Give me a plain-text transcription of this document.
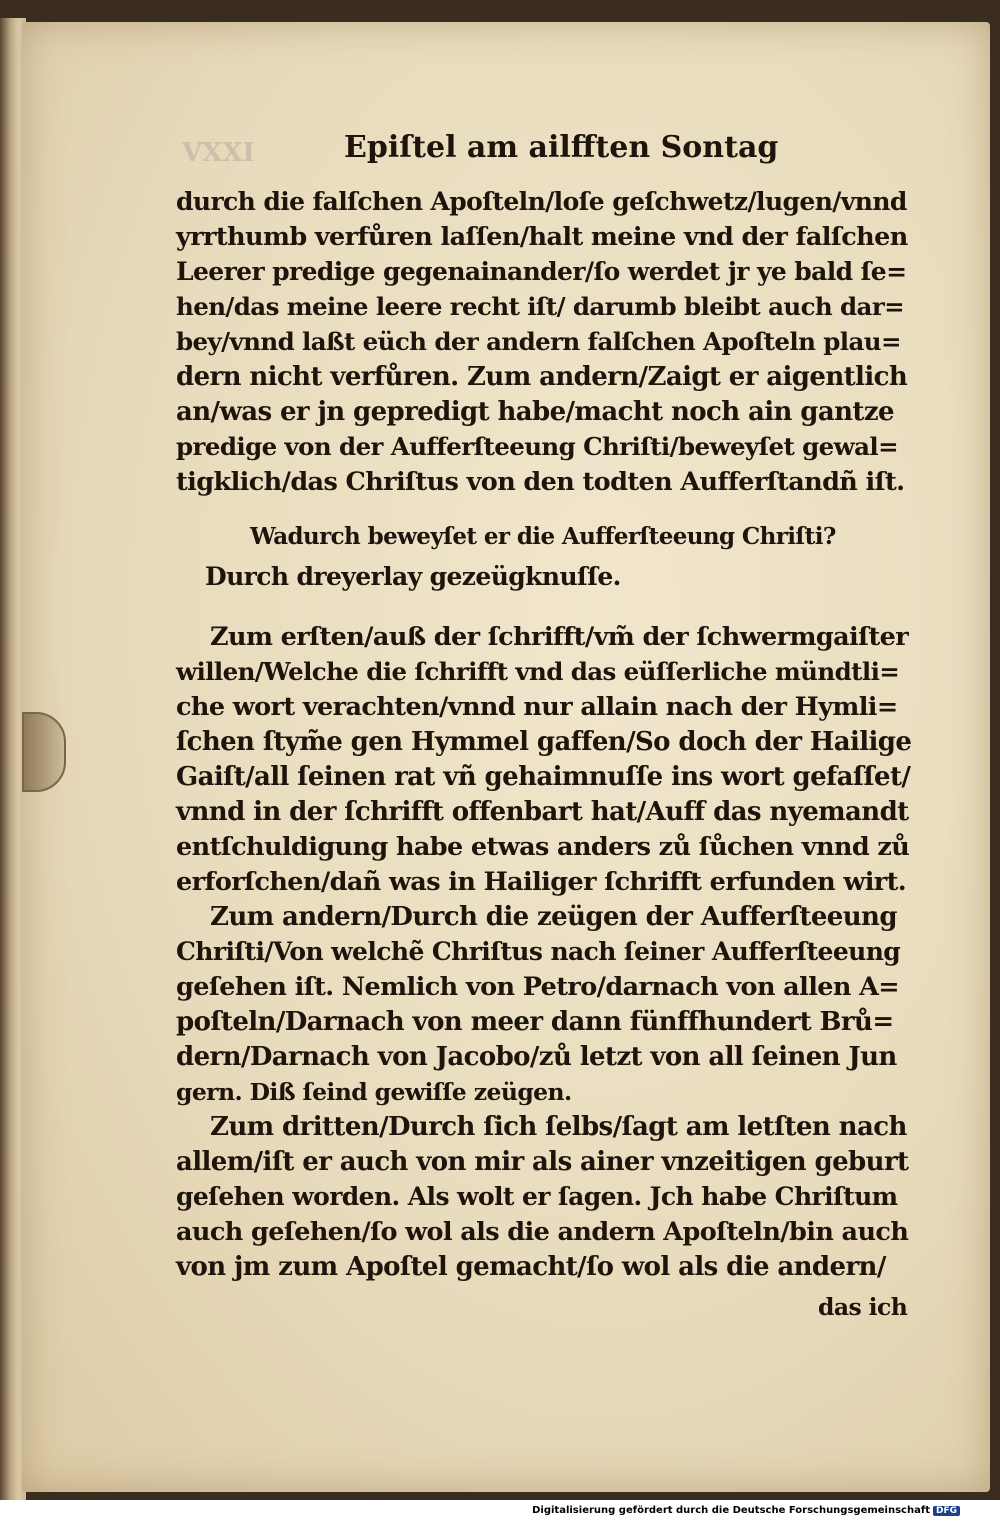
VXXI	Epiſtel am ailfften Sontag
durch die falſchen Apoſteln/loſe geſchwetz/lugen/vnnd
yrrthumb verfůren laſſen/halt meine vnd der falſchen
Leerer predige gegenainander/ſo werdet jr ye bald ſe=
hen/das meine leere recht iſt/ darumb bleibt auch dar=
bey/vnnd laßt eüch der andern falſchen Apoſteln plau=
dern nicht verfůren. Zum andern/Zaigt er aigentlich
an/was er jn gepredigt habe/macht noch ain gantze
predige von der Aufferſteeung Chriſti/beweyſet gewal=
tigklich/das Chriſtus von den todten Aufferſtandñ iſt.
Wadurch beweyſet er die Aufferſteeung Chriſti?
Durch dreyerlay gezeügknuſſe.
Zum erſten/auß der ſchrifft/vm̃ der ſchwermgaiſter
willen/Welche die ſchrifft vnd das eüſſerliche mündtli=
che wort verachten/vnnd nur allain nach der Hymli=
ſchen ſtym̃e gen Hymmel gaffen/So doch der Hailige
Gaiſt/all ſeinen rat vñ gehaimnuſſe ins wort gefaſſet/
vnnd in der ſchrifft offenbart hat/Auff das nyemandt
entſchuldigung habe etwas anders zů ſůchen vnnd zů
erforſchen/dañ was in Hailiger ſchrifft erfunden wirt.
Zum andern/Durch die zeügen der Aufferſteeung
Chriſti/Von welchẽ Chriſtus nach ſeiner Aufferſteeung
geſehen iſt. Nemlich von Petro/darnach von allen A=
poſteln/Darnach von meer dann fünffhundert Brů=
dern/Darnach von Jacobo/zů letzt von all ſeinen Jun
gern. Diß ſeind gewiſſe zeügen.
Zum dritten/Durch ſich ſelbs/ſagt am letſten nach
allem/iſt er auch von mir als ainer vnzeitigen geburt
geſehen worden. Als wolt er ſagen. Jch habe Chriſtum
auch geſehen/ſo wol als die andern Apoſteln/bin auch
von jm zum Apoſtel gemacht/ſo wol als die andern/
das ich
Digitalisierung gefördert durch die Deutsche Forschungsgemeinschaft DFG
